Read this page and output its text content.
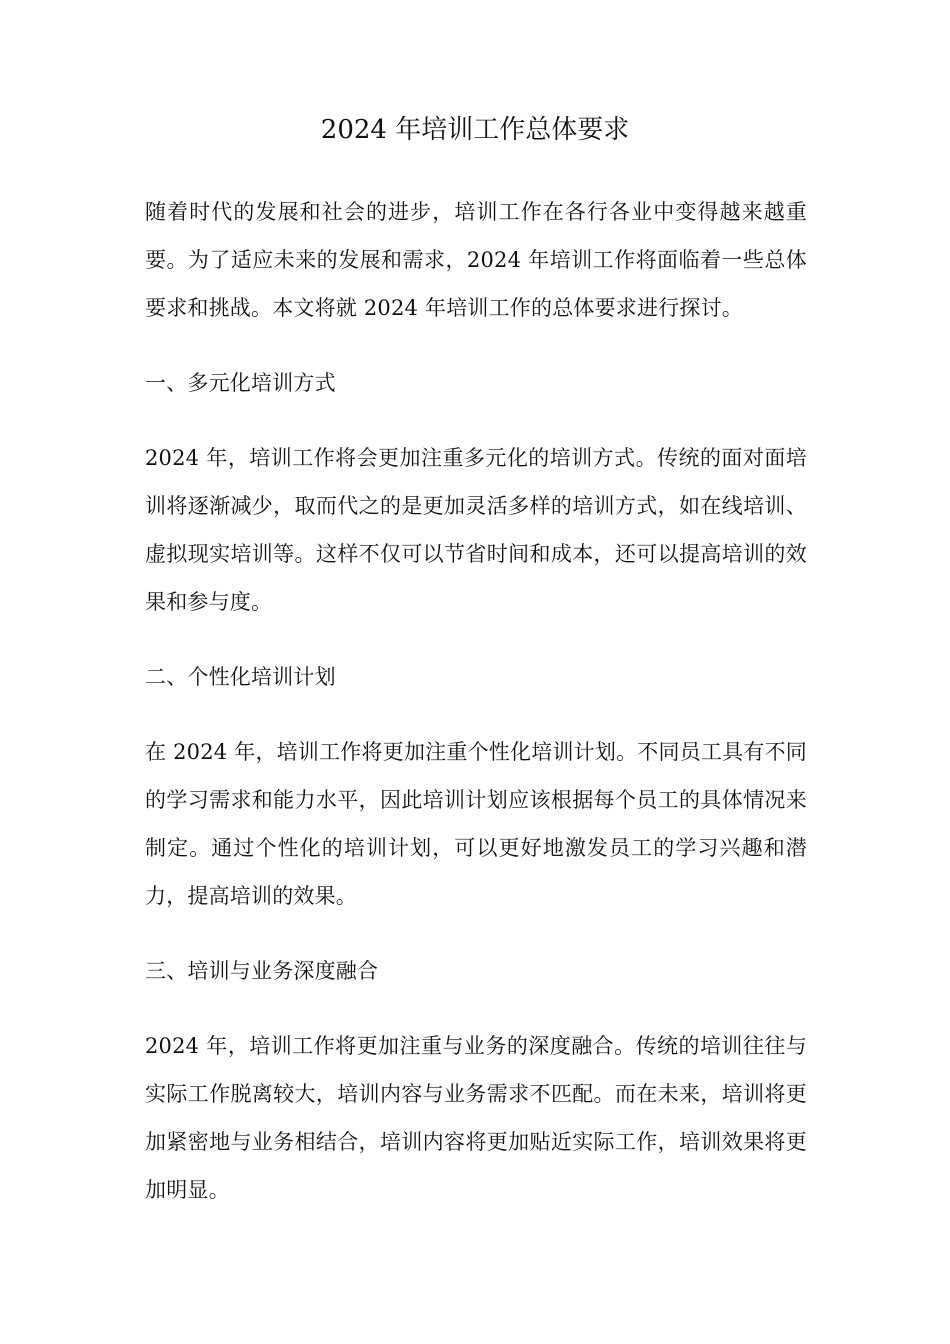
2024 年培训工作总体要求

随着时代的发展和社会的进步，培训工作在各行各业中变得越来越重要。为了适应未来的发展和需求，2024 年培训工作将面临着一些总体要求和挑战。本文将就 2024 年培训工作的总体要求进行探讨。

一、多元化培训方式

2024 年，培训工作将会更加注重多元化的培训方式。传统的面对面培训将逐渐减少，取而代之的是更加灵活多样的培训方式，如在线培训、虚拟现实培训等。这样不仅可以节省时间和成本，还可以提高培训的效果和参与度。

二、个性化培训计划

在 2024 年，培训工作将更加注重个性化培训计划。不同员工具有不同的学习需求和能力水平，因此培训计划应该根据每个员工的具体情况来制定。通过个性化的培训计划，可以更好地激发员工的学习兴趣和潜力，提高培训的效果。

三、培训与业务深度融合

2024 年，培训工作将更加注重与业务的深度融合。传统的培训往往与实际工作脱离较大，培训内容与业务需求不匹配。而在未来，培训将更加紧密地与业务相结合，培训内容将更加贴近实际工作，培训效果将更加明显。
